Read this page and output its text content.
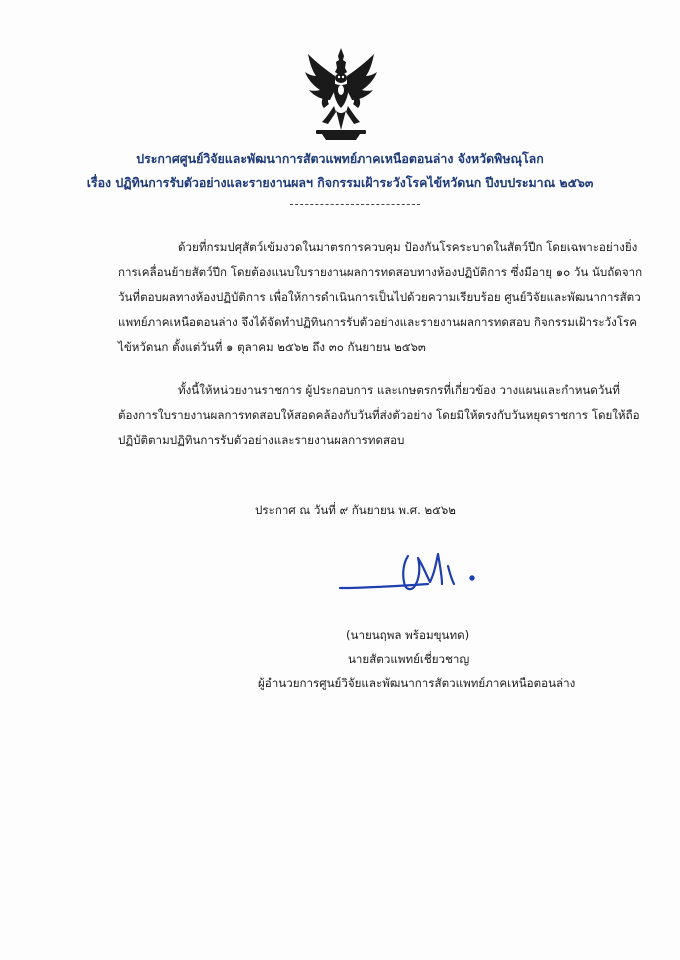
ประกาศศูนย์วิจัยและพัฒนาการสัตวแพทย์ภาคเหนือตอนล่าง จังหวัดพิษณุโลก
เรื่อง ปฏิทินการรับตัวอย่างและรายงานผลฯ กิจกรรมเฝ้าระวังโรคไข้หวัดนก ปีงบประมาณ ๒๕๖๓
ด้วยที่กรมปศุสัตว์เข้มงวดในมาตรการควบคุม ป้องกันโรคระบาดในสัตว์ปีก โดยเฉพาะอย่างยิ่ง
การเคลื่อนย้ายสัตว์ปีก โดยต้องแนบใบรายงานผลการทดสอบทางห้องปฏิบัติการ ซึ่งมีอายุ ๑๐ วัน นับถัดจาก
วันที่ตอบผลทางห้องปฏิบัติการ เพื่อให้การดำเนินการเป็นไปด้วยความเรียบร้อย ศูนย์วิจัยและพัฒนาการสัตว
แพทย์ภาคเหนือตอนล่าง จึงได้จัดทำปฏิทินการรับตัวอย่างและรายงานผลการทดสอบ กิจกรรมเฝ้าระวังโรค
ไข้หวัดนก ตั้งแต่วันที่ ๑ ตุลาคม ๒๕๖๒ ถึง ๓๐ กันยายน ๒๕๖๓
ทั้งนี้ให้หน่วยงานราชการ ผู้ประกอบการ และเกษตรกรที่เกี่ยวข้อง วางแผนและกำหนดวันที่
ต้องการใบรายงานผลการทดสอบให้สอดคล้องกับวันที่ส่งตัวอย่าง โดยมิให้ตรงกับวันหยุดราชการ โดยให้ถือ
ปฏิบัติตามปฏิทินการรับตัวอย่างและรายงานผลการทดสอบ
ประกาศ ณ วันที่ ๙ กันยายน พ.ศ. ๒๕๖๒
(นายนฤพล พร้อมขุนทด)
นายสัตวแพทย์เชี่ยวชาญ
ผู้อำนวยการศูนย์วิจัยและพัฒนาการสัตวแพทย์ภาคเหนือตอนล่าง
